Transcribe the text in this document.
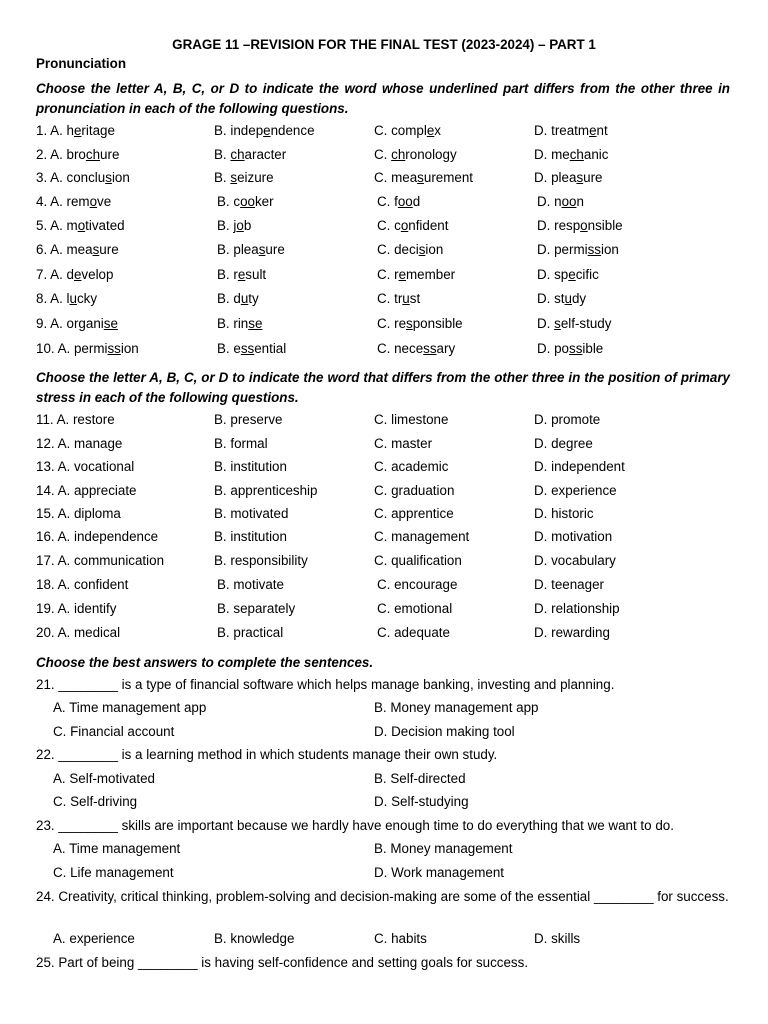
GRAGE 11 –REVISION FOR THE FINAL TEST (2023-2024) – PART 1
Pronunciation
Choose the letter A, B, C, or D to indicate the word whose underlined part differs from the other three in pronunciation in each of the following questions.
1. A. heritage	B. independence	C. complex	D. treatment
2. A. brochure	B. character	C. chronology	D. mechanic
3. A. conclusion	B. seizure	C. measurement	D. pleasure
4. A. remove	B. cooker	C. food	D. noon
5. A. motivated	B. job	C. confident	D. responsible
6. A. measure	B. pleasure	C. decision	D. permission
7. A. develop	B. result	C. remember	D. specific
8. A. lucky	B. duty	C. trust	D. study
9. A. organise	B. rinse	C. responsible	D. self-study
10. A. permission	B. essential	C. necessary	D. possible
Choose the letter A, B, C, or D to indicate the word that differs from the other three in the position of primary stress in each of the following questions.
11. A. restore	B. preserve	C. limestone	D. promote
12. A. manage	B. formal	C. master	D. degree
13. A. vocational	B. institution	C. academic	D. independent
14. A. appreciate	B. apprenticeship	C. graduation	D. experience
15. A. diploma	B. motivated	C. apprentice	D. historic
16. A. independence	B. institution	C. management	D. motivation
17. A. communication	B. responsibility	C. qualification	D. vocabulary
18. A. confident	B. motivate	C. encourage	D. teenager
19. A. identify	B. separately	C. emotional	D. relationship
20. A. medical	B. practical	C. adequate	D. rewarding
Choose the best answers to complete the sentences.
21. ________ is a type of financial software which helps manage banking, investing and planning.
A. Time management app	B. Money management app
C. Financial account	D. Decision making tool
22. ________ is a learning method in which students manage their own study.
A. Self-motivated	B. Self-directed
C. Self-driving	D. Self-studying
23. ________ skills are important because we hardly have enough time to do everything that we want to do.
A. Time management	B. Money management
C. Life management	D. Work management
24. Creativity, critical thinking, problem-solving and decision-making are some of the essential ________ for success.
A. experience	B. knowledge	C. habits	D. skills
25. Part of being ________ is having self-confidence and setting goals for success.
